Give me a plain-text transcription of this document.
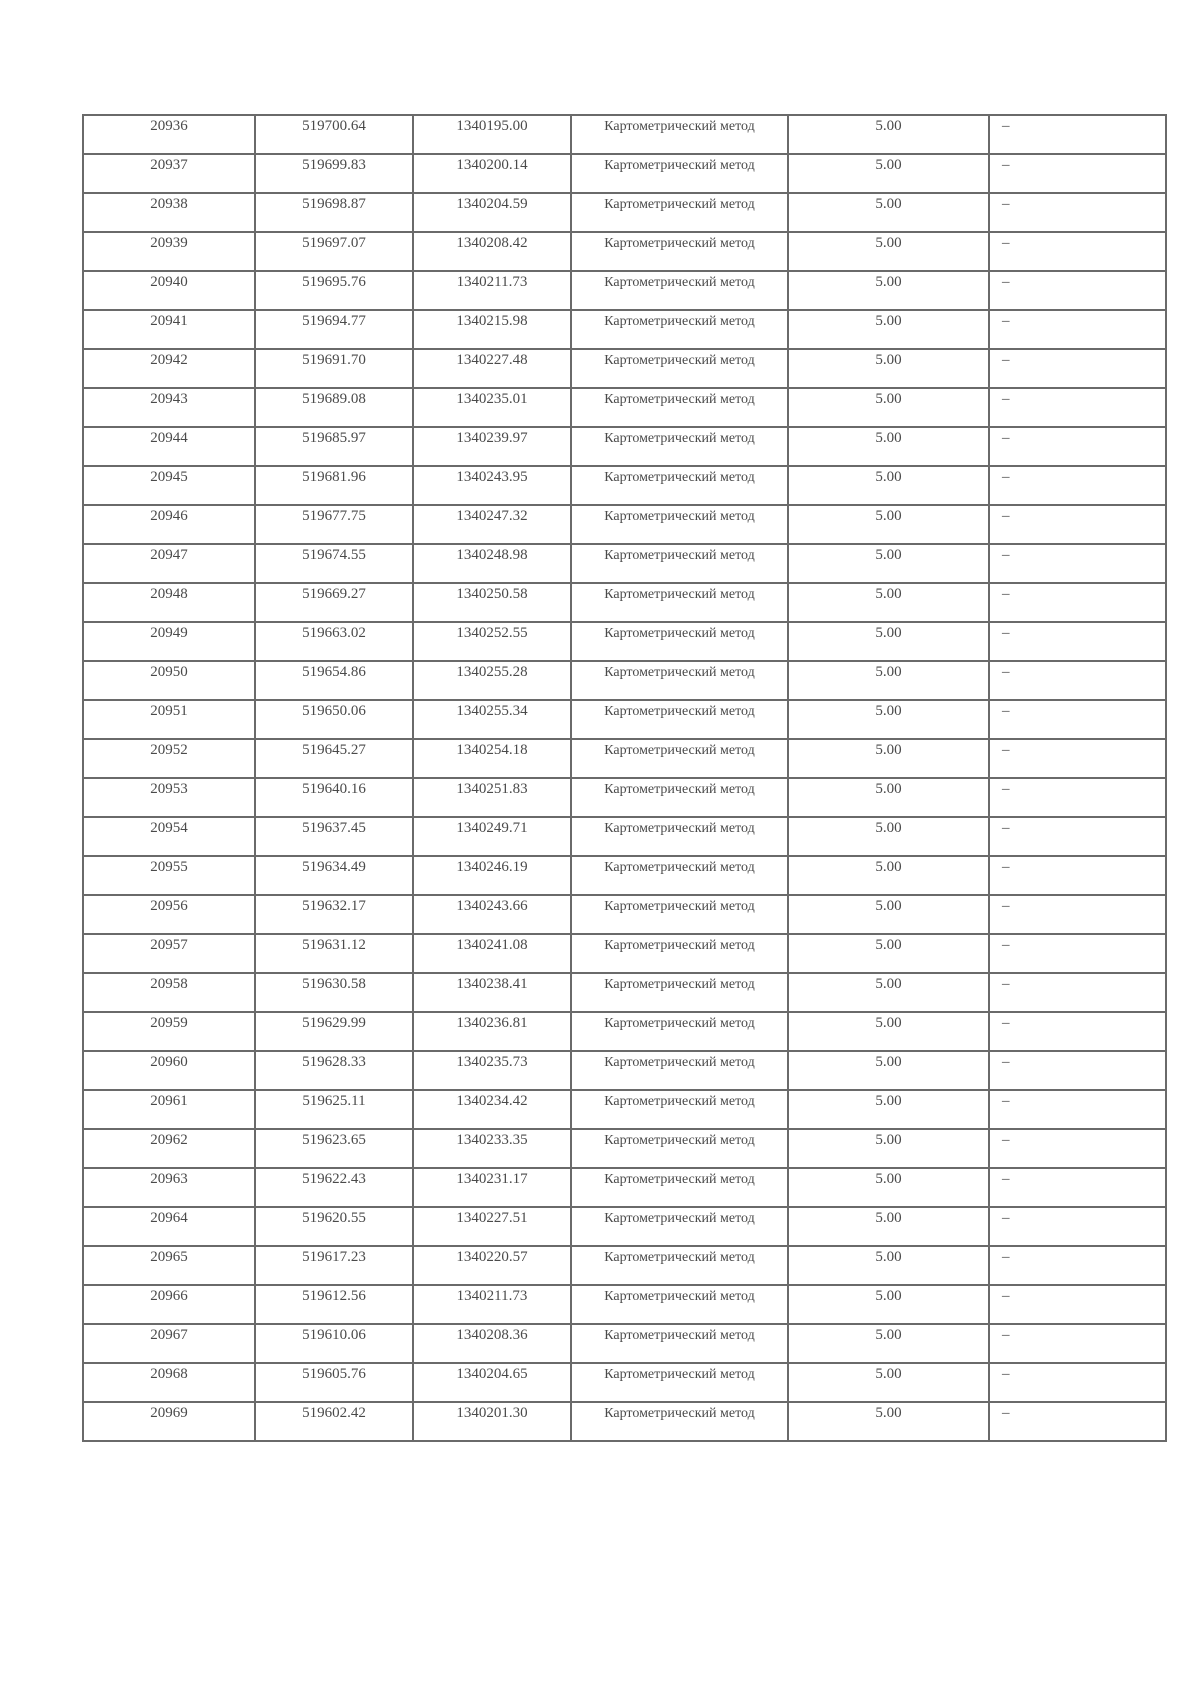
20936	519700.64	1340195.00	Картометрический метод	5.00	–

20937	519699.83	1340200.14	Картометрический метод	5.00	–

20938	519698.87	1340204.59	Картометрический метод	5.00	–

20939	519697.07	1340208.42	Картометрический метод	5.00	–

20940	519695.76	1340211.73	Картометрический метод	5.00	–

20941	519694.77	1340215.98	Картометрический метод	5.00	–

20942	519691.70	1340227.48	Картометрический метод	5.00	–

20943	519689.08	1340235.01	Картометрический метод	5.00	–

20944	519685.97	1340239.97	Картометрический метод	5.00	–

20945	519681.96	1340243.95	Картометрический метод	5.00	–

20946	519677.75	1340247.32	Картометрический метод	5.00	–

20947	519674.55	1340248.98	Картометрический метод	5.00	–

20948	519669.27	1340250.58	Картометрический метод	5.00	–

20949	519663.02	1340252.55	Картометрический метод	5.00	–

20950	519654.86	1340255.28	Картометрический метод	5.00	–

20951	519650.06	1340255.34	Картометрический метод	5.00	–

20952	519645.27	1340254.18	Картометрический метод	5.00	–

20953	519640.16	1340251.83	Картометрический метод	5.00	–

20954	519637.45	1340249.71	Картометрический метод	5.00	–

20955	519634.49	1340246.19	Картометрический метод	5.00	–

20956	519632.17	1340243.66	Картометрический метод	5.00	–

20957	519631.12	1340241.08	Картометрический метод	5.00	–

20958	519630.58	1340238.41	Картометрический метод	5.00	–

20959	519629.99	1340236.81	Картометрический метод	5.00	–

20960	519628.33	1340235.73	Картометрический метод	5.00	–

20961	519625.11	1340234.42	Картометрический метод	5.00	–

20962	519623.65	1340233.35	Картометрический метод	5.00	–

20963	519622.43	1340231.17	Картометрический метод	5.00	–

20964	519620.55	1340227.51	Картометрический метод	5.00	–

20965	519617.23	1340220.57	Картометрический метод	5.00	–

20966	519612.56	1340211.73	Картометрический метод	5.00	–

20967	519610.06	1340208.36	Картометрический метод	5.00	–

20968	519605.76	1340204.65	Картометрический метод	5.00	–

20969	519602.42	1340201.30	Картометрический метод	5.00	–
